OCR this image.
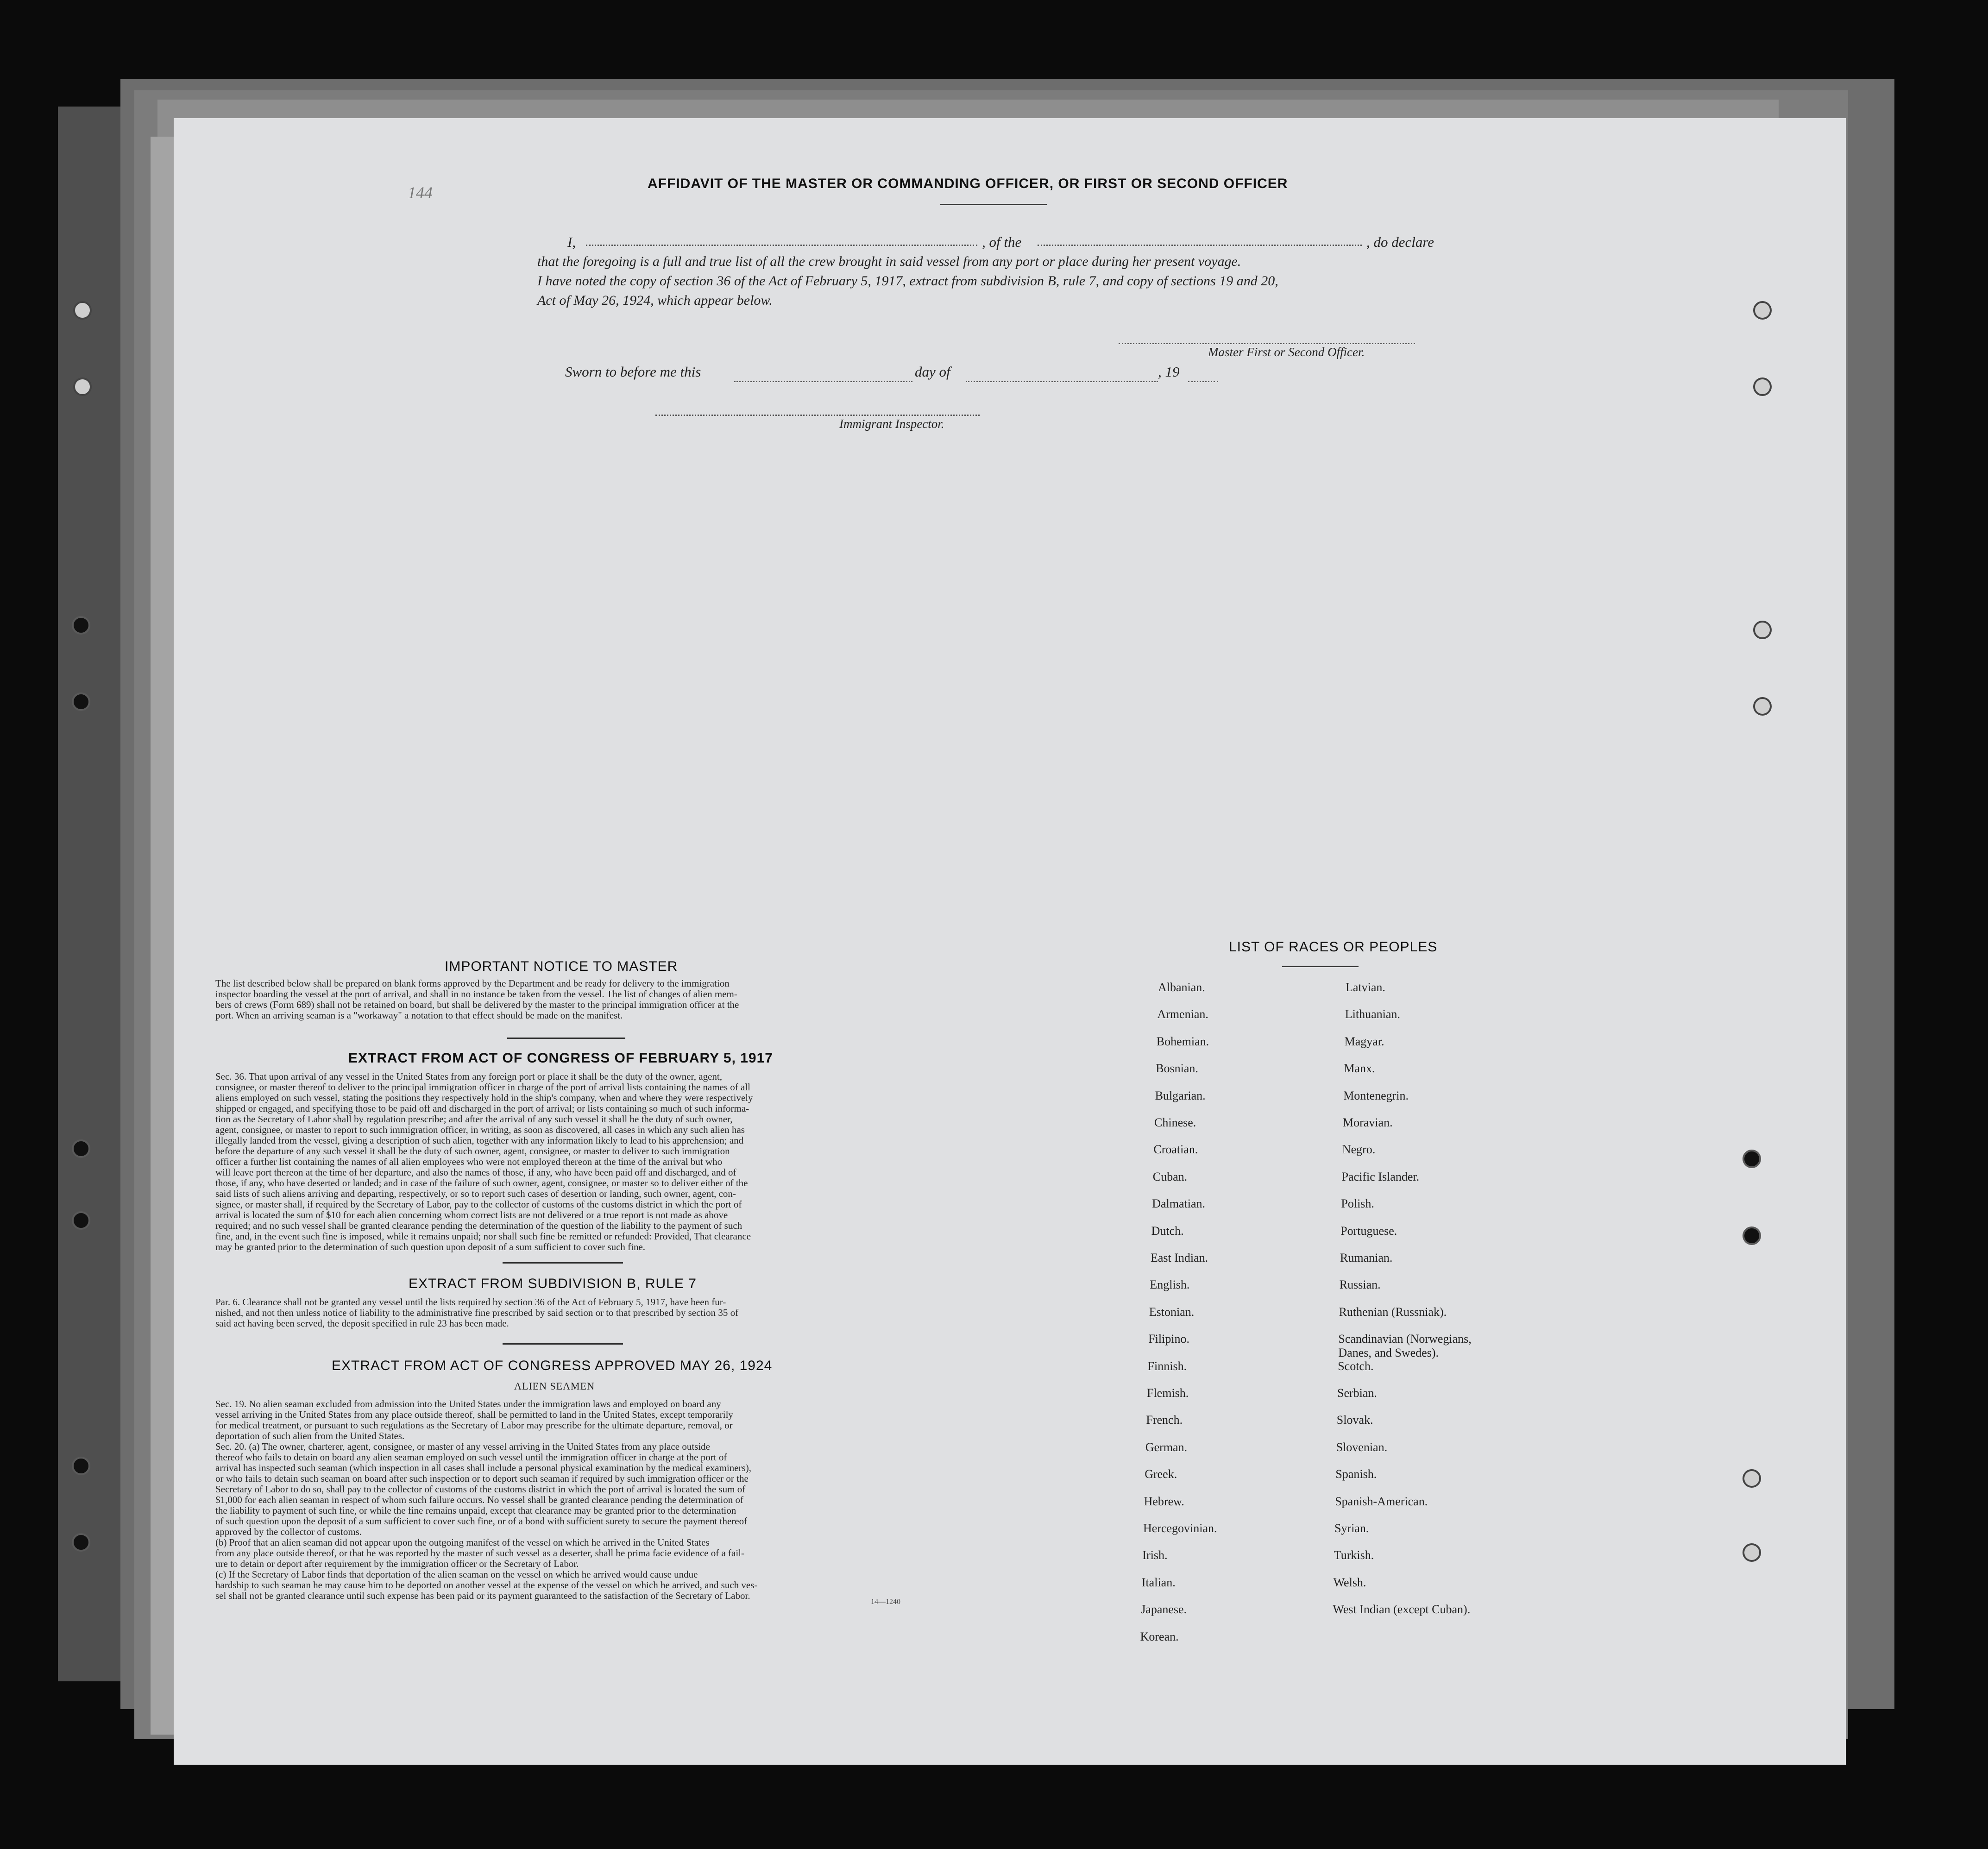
144	AFFIDAVIT OF THE MASTER OR COMMANDING OFFICER, OR FIRST OR SECOND OFFICER
I,	, of the	, do declare
that the foregoing is a full and true list of all the crew brought in said vessel from any port or place during her present voyage.
I have noted the copy of section 36 of the Act of February 5, 1917, extract from subdivision B, rule 7, and copy of sections 19 and 20,
Act of May 26, 1924, which appear below.
Master First or Second Officer.
Sworn to before me this	day of	, 19
Immigrant Inspector.
IMPORTANT NOTICE TO MASTER
The list described below shall be prepared on blank forms approved by the Department and be ready for delivery to the immigration
inspector boarding the vessel at the port of arrival, and shall in no instance be taken from the vessel. The list of changes of alien mem-
bers of crews (Form 689) shall not be retained on board, but shall be delivered by the master to the principal immigration officer at the
port. When an arriving seaman is a "workaway" a notation to that effect should be made on the manifest.
EXTRACT FROM ACT OF CONGRESS OF FEBRUARY 5, 1917
Sec. 36. That upon arrival of any vessel in the United States from any foreign port or place it shall be the duty of the owner, agent,
consignee, or master thereof to deliver to the principal immigration officer in charge of the port of arrival lists containing the names of all
aliens employed on such vessel, stating the positions they respectively hold in the ship's company, when and where they were respectively
shipped or engaged, and specifying those to be paid off and discharged in the port of arrival; or lists containing so much of such informa-
tion as the Secretary of Labor shall by regulation prescribe; and after the arrival of any such vessel it shall be the duty of such owner,
agent, consignee, or master to report to such immigration officer, in writing, as soon as discovered, all cases in which any such alien has
illegally landed from the vessel, giving a description of such alien, together with any information likely to lead to his apprehension; and
before the departure of any such vessel it shall be the duty of such owner, agent, consignee, or master to deliver to such immigration
officer a further list containing the names of all alien employees who were not employed thereon at the time of the arrival but who
will leave port thereon at the time of her departure, and also the names of those, if any, who have been paid off and discharged, and of
those, if any, who have deserted or landed; and in case of the failure of such owner, agent, consignee, or master so to deliver either of the
said lists of such aliens arriving and departing, respectively, or so to report such cases of desertion or landing, such owner, agent, con-
signee, or master shall, if required by the Secretary of Labor, pay to the collector of customs of the customs district in which the port of
arrival is located the sum of $10 for each alien concerning whom correct lists are not delivered or a true report is not made as above
required; and no such vessel shall be granted clearance pending the determination of the question of the liability to the payment of such
fine, and, in the event such fine is imposed, while it remains unpaid; nor shall such fine be remitted or refunded: Provided, That clearance
may be granted prior to the determination of such question upon deposit of a sum sufficient to cover such fine.
EXTRACT FROM SUBDIVISION B, RULE 7
Par. 6. Clearance shall not be granted any vessel until the lists required by section 36 of the Act of February 5, 1917, have been fur-
nished, and not then unless notice of liability to the administrative fine prescribed by said section or to that prescribed by section 35 of
said act having been served, the deposit specified in rule 23 has been made.
EXTRACT FROM ACT OF CONGRESS APPROVED MAY 26, 1924
ALIEN SEAMEN
Sec. 19. No alien seaman excluded from admission into the United States under the immigration laws and employed on board any
vessel arriving in the United States from any place outside thereof, shall be permitted to land in the United States, except temporarily
for medical treatment, or pursuant to such regulations as the Secretary of Labor may prescribe for the ultimate departure, removal, or
deportation of such alien from the United States.
Sec. 20. (a) The owner, charterer, agent, consignee, or master of any vessel arriving in the United States from any place outside
thereof who fails to detain on board any alien seaman employed on such vessel until the immigration officer in charge at the port of
arrival has inspected such seaman (which inspection in all cases shall include a personal physical examination by the medical examiners),
or who fails to detain such seaman on board after such inspection or to deport such seaman if required by such immigration officer or the
Secretary of Labor to do so, shall pay to the collector of customs of the customs district in which the port of arrival is located the sum of
$1,000 for each alien seaman in respect of whom such failure occurs. No vessel shall be granted clearance pending the determination of
the liability to payment of such fine, or while the fine remains unpaid, except that clearance may be granted prior to the determination
of such question upon the deposit of a sum sufficient to cover such fine, or of a bond with sufficient surety to secure the payment thereof
approved by the collector of customs.
(b) Proof that an alien seaman did not appear upon the outgoing manifest of the vessel on which he arrived in the United States
from any place outside thereof, or that he was reported by the master of such vessel as a deserter, shall be prima facie evidence of a fail-
ure to detain or deport after requirement by the immigration officer or the Secretary of Labor.
(c) If the Secretary of Labor finds that deportation of the alien seaman on the vessel on which he arrived would cause undue
hardship to such seaman he may cause him to be deported on another vessel at the expense of the vessel on which he arrived, and such ves-
sel shall not be granted clearance until such expense has been paid or its payment guaranteed to the satisfaction of the Secretary of Labor.
14—1240
LIST OF RACES OR PEOPLES
Albanian.
Armenian.
Bohemian.
Bosnian.
Bulgarian.
Chinese.
Croatian.
Cuban.
Dalmatian.
Dutch.
East Indian.
English.
Estonian.
Filipino.
Finnish.
Flemish.
French.
German.
Greek.
Hebrew.
Hercegovinian.
Irish.
Italian.
Japanese.
Korean.
Latvian.
Lithuanian.
Magyar.
Manx.
Montenegrin.
Moravian.
Negro.
Pacific Islander.
Polish.
Portuguese.
Rumanian.
Russian.
Ruthenian (Russniak).
Scandinavian (Norwegians,
Danes, and Swedes).
Scotch.
Serbian.
Slovak.
Slovenian.
Spanish.
Spanish-American.
Syrian.
Turkish.
Welsh.
West Indian (except Cuban).
